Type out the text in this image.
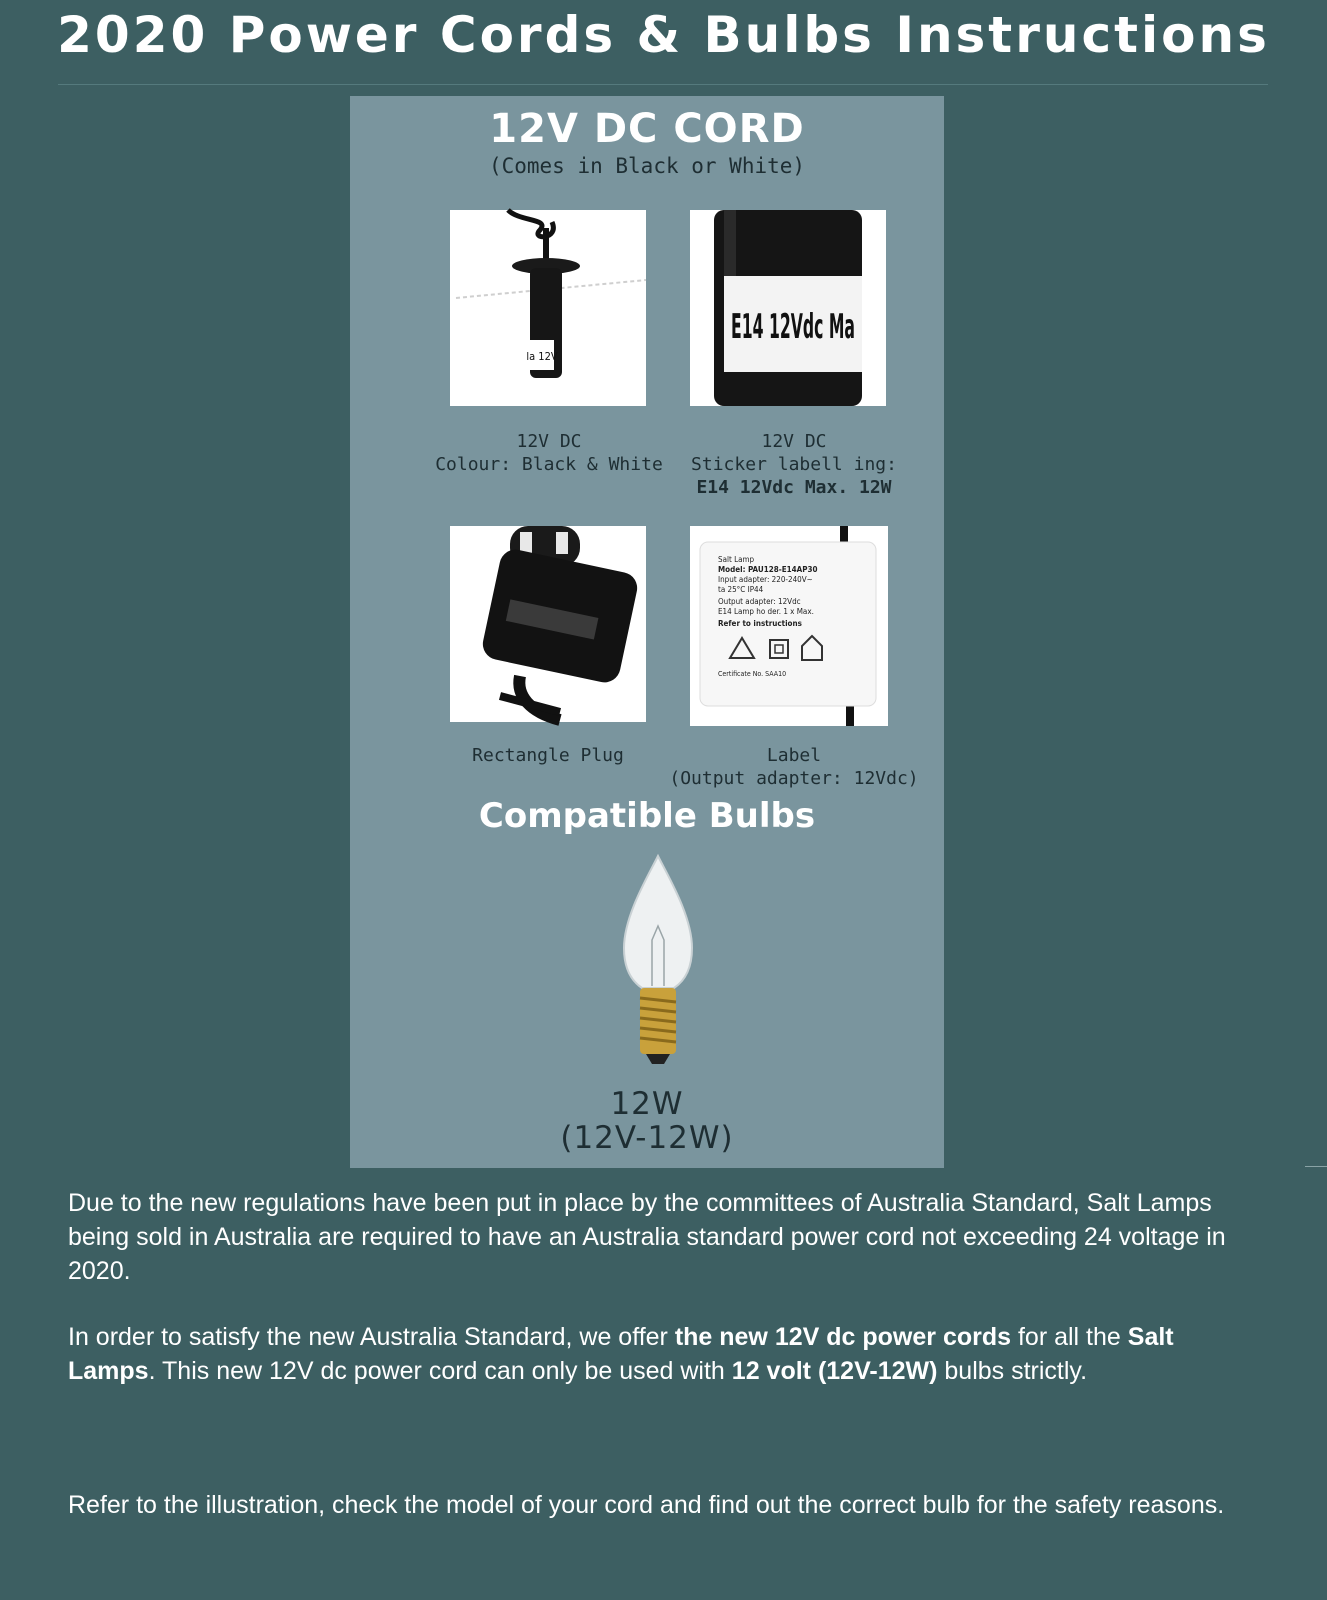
2020 Power Cords & Bulbs Instructions
12V DC CORD
(Comes in Black or White)
la 12V
E14 12Vdc Ma
12V DC
Colour: Black & White
12V DC
Sticker labell ing:
E14 12Vdc Max. 12W
Salt Lamp
Model: PAU128-E14AP30
Input adapter: 220-240V~
ta 25°C IP44
Output adapter: 12Vdc
E14 Lamp ho der. 1 x Max.
Refer to instructions
Certificate No. SAA10
Rectangle Plug	Label
(Output adapter: 12Vdc)
Compatible Bulbs
12W
(12V-12W)
Due to the new regulations have been put in place by the committees of Australia Standard, Salt Lamps being sold in Australia are required to have an Australia standard power cord not exceeding 24 voltage in 2020.
In order to satisfy the new Australia Standard, we offer the new 12V dc power cords for all the Salt Lamps. This new 12V dc power cord can only be used with 12 volt (12V-12W) bulbs strictly.
Refer to the illustration, check the model of your cord and find out the correct bulb for the safety reasons.
